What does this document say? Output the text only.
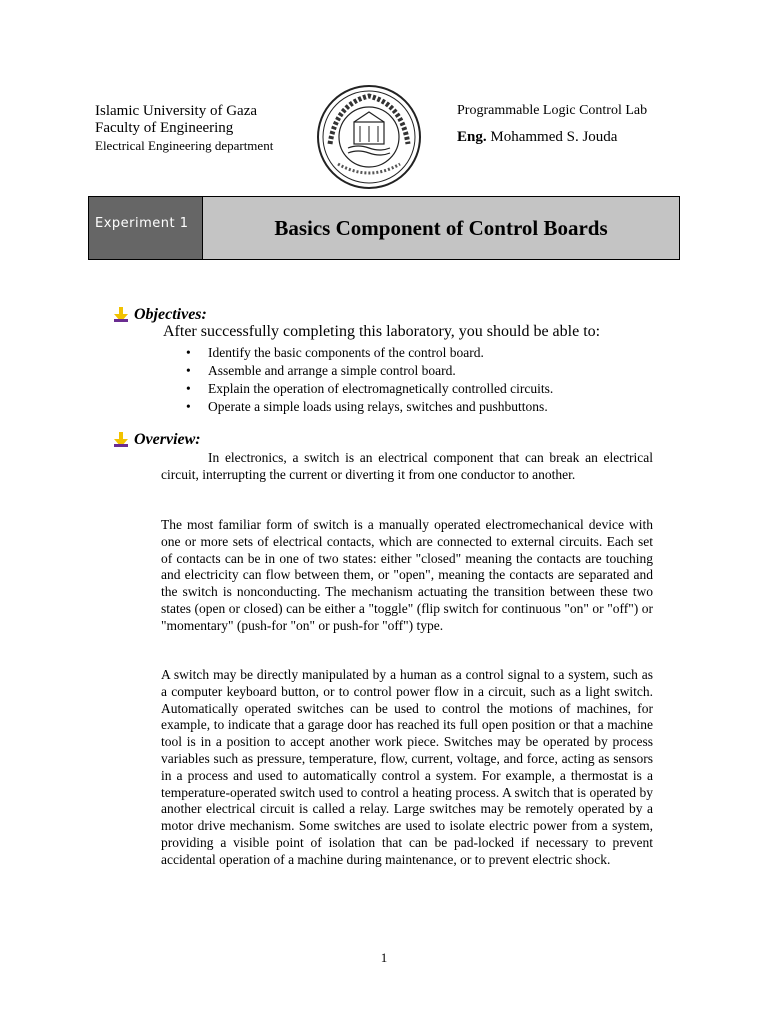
Islamic University of Gaza
Faculty of Engineering
Electrical Engineering department
Programmable Logic Control Lab
Eng. Mohammed S. Jouda
Experiment 1	Basics Component of Control Boards
Objectives:
After successfully completing this laboratory, you should be able to:
• Identify the basic components of the control board.
• Assemble and arrange a simple control board.
• Explain the operation of electromagnetically controlled circuits.
• Operate a simple loads using relays, switches and pushbuttons.
Overview:

In electronics, a switch is an electrical component that can break an electrical circuit, interrupting the current or diverting it from one conductor to another.

The most familiar form of switch is a manually operated electromechanical device with one or more sets of electrical contacts, which are connected to external circuits. Each set of contacts can be in one of two states: either "closed" meaning the contacts are touching and electricity can flow between them, or "open", meaning the contacts are separated and the switch is nonconducting. The mechanism actuating the transition between these two states (open or closed) can be either a "toggle" (flip switch for continuous "on" or "off") or "momentary" (push-for "on" or push-for "off") type.

A switch may be directly manipulated by a human as a control signal to a system, such as a computer keyboard button, or to control power flow in a circuit, such as a light switch. Automatically operated switches can be used to control the motions of machines, for example, to indicate that a garage door has reached its full open position or that a machine tool is in a position to accept another work piece. Switches may be operated by process variables such as pressure, temperature, flow, current, voltage, and force, acting as sensors in a process and used to automatically control a system. For example, a thermostat is a temperature-operated switch used to control a heating process. A switch that is operated by another electrical circuit is called a relay. Large switches may be remotely operated by a motor drive mechanism. Some switches are used to isolate electric power from a system, providing a visible point of isolation that can be pad-locked if necessary to prevent accidental operation of a machine during maintenance, or to prevent electric shock.

1
